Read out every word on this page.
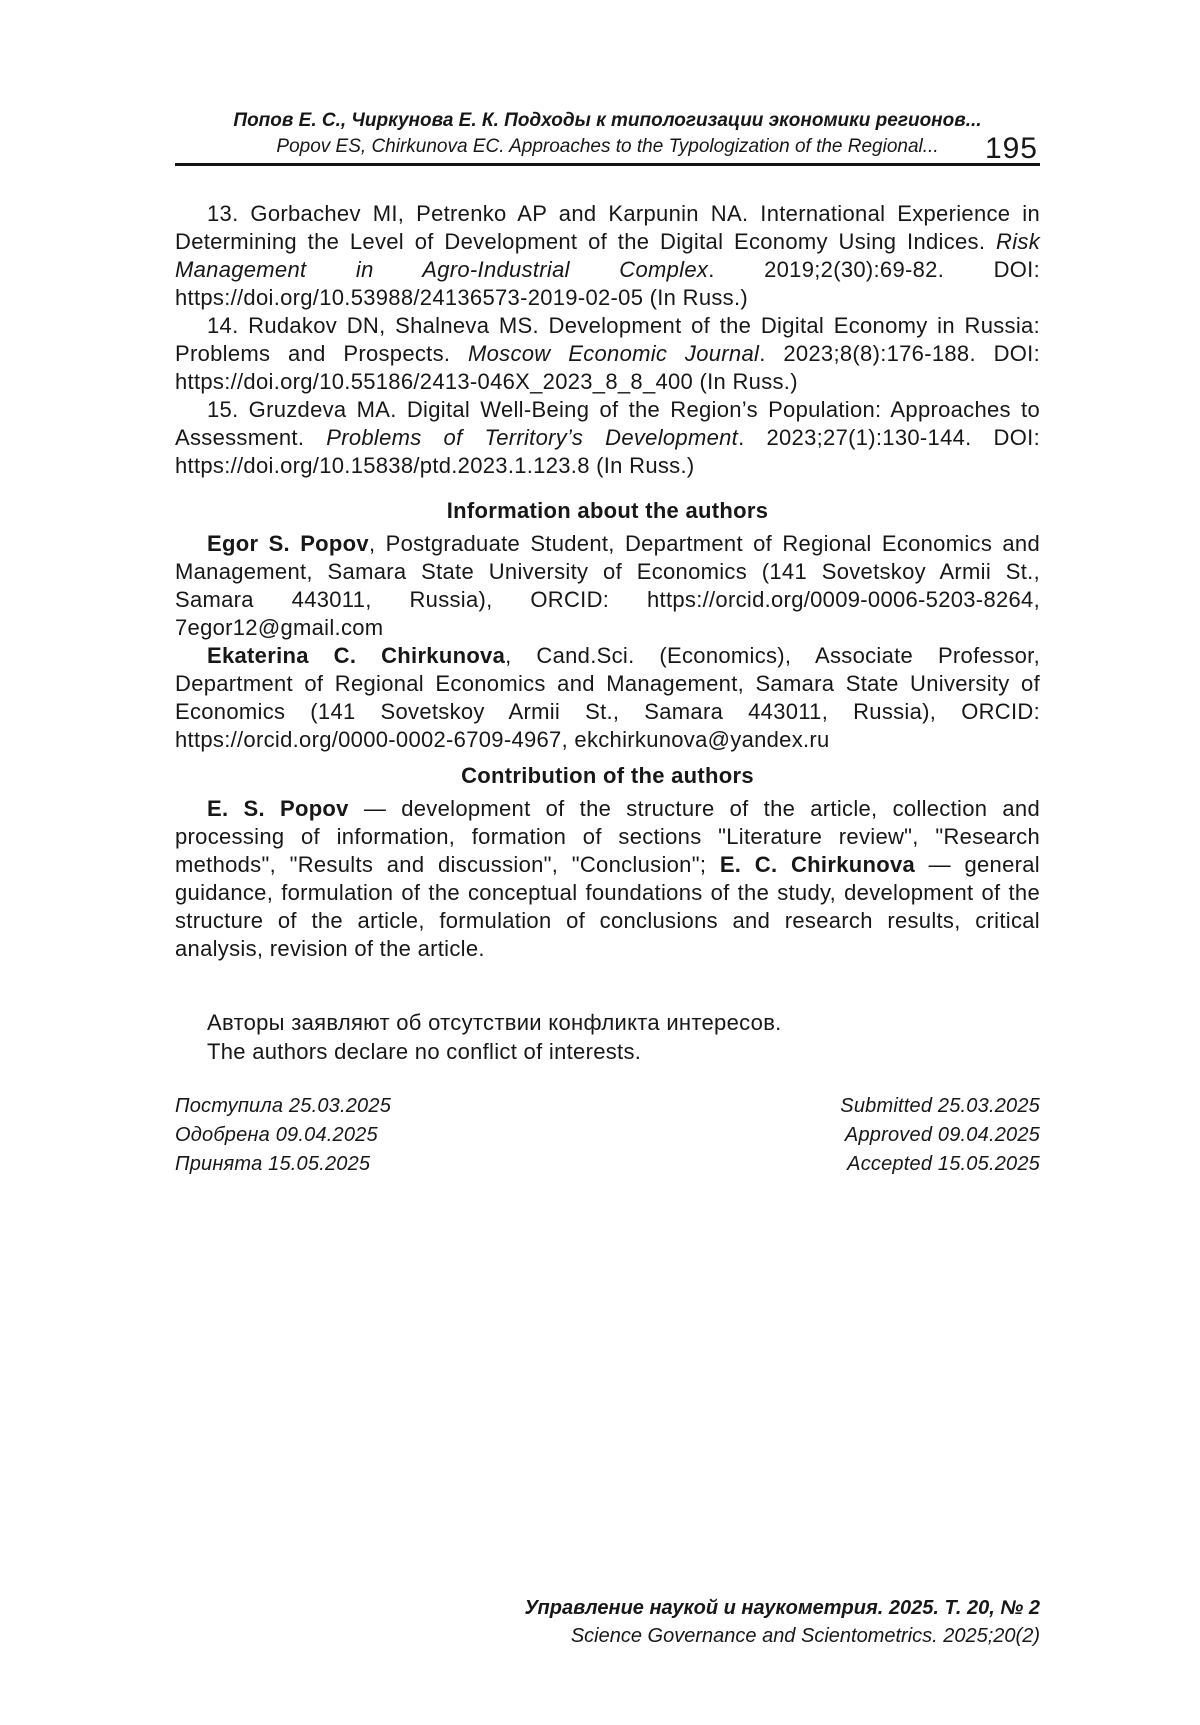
Попов Е. С., Чиркунова Е. К. Подходы к типологизации экономики регионов...
Popov ES, Chirkunova EC. Approaches to the Typologization of the Regional...	195

13. Gorbachev MI, Petrenko AP and Karpunin NA. International Experience in Determining the Level of Development of the Digital Economy Using Indices. Risk Management in Agro-Industrial Complex. 2019;2(30):69-82. DOI: https://doi.org/10.53988/24136573-2019-02-05 (In Russ.)

14. Rudakov DN, Shalneva MS. Development of the Digital Economy in Russia: Problems and Prospects. Moscow Economic Journal. 2023;8(8):176-188. DOI: https://doi.org/10.55186/2413-046X_2023_8_8_400 (In Russ.)

15. Gruzdeva MA. Digital Well-Being of the Region’s Population: Approaches to Assessment. Problems of Territory’s Development. 2023;27(1):130-144. DOI: https://doi.org/10.15838/ptd.2023.1.123.8 (In Russ.)

Information about the authors

Egor S. Popov, Postgraduate Student, Department of Regional Economics and Management, Samara State University of Economics (141 Sovetskoy Armii St., Samara 443011, Russia), ORCID: https://orcid.org/0009-0006-5203-8264, 7egor12@gmail.com

Ekaterina C. Chirkunova, Cand.Sci. (Economics), Associate Professor, Department of Regional Economics and Management, Samara State University of Economics (141 Sovetskoy Armii St., Samara 443011, Russia), ORCID: https://orcid.org/0000-0002-6709-4967, ekchirkunova@yandex.ru

Contribution of the authors

E. S. Popov — development of the structure of the article, collection and processing of information, formation of sections "Literature review", "Research methods", "Results and discussion", "Conclusion"; E. C. Chirkunova — general guidance, formulation of the conceptual foundations of the study, development of the structure of the article, formulation of conclusions and research results, critical analysis, revision of the article.

Авторы заявляют об отсутствии конфликта интересов.

The authors declare no conflict of interests.

Поступила 25.03.2025	Submitted 25.03.2025
Одобрена 09.04.2025	Approved 09.04.2025
Принята 15.05.2025	Accepted 15.05.2025
Управление наукой и наукометрия. 2025. Т. 20, № 2
Science Governance and Scientometrics. 2025;20(2)
